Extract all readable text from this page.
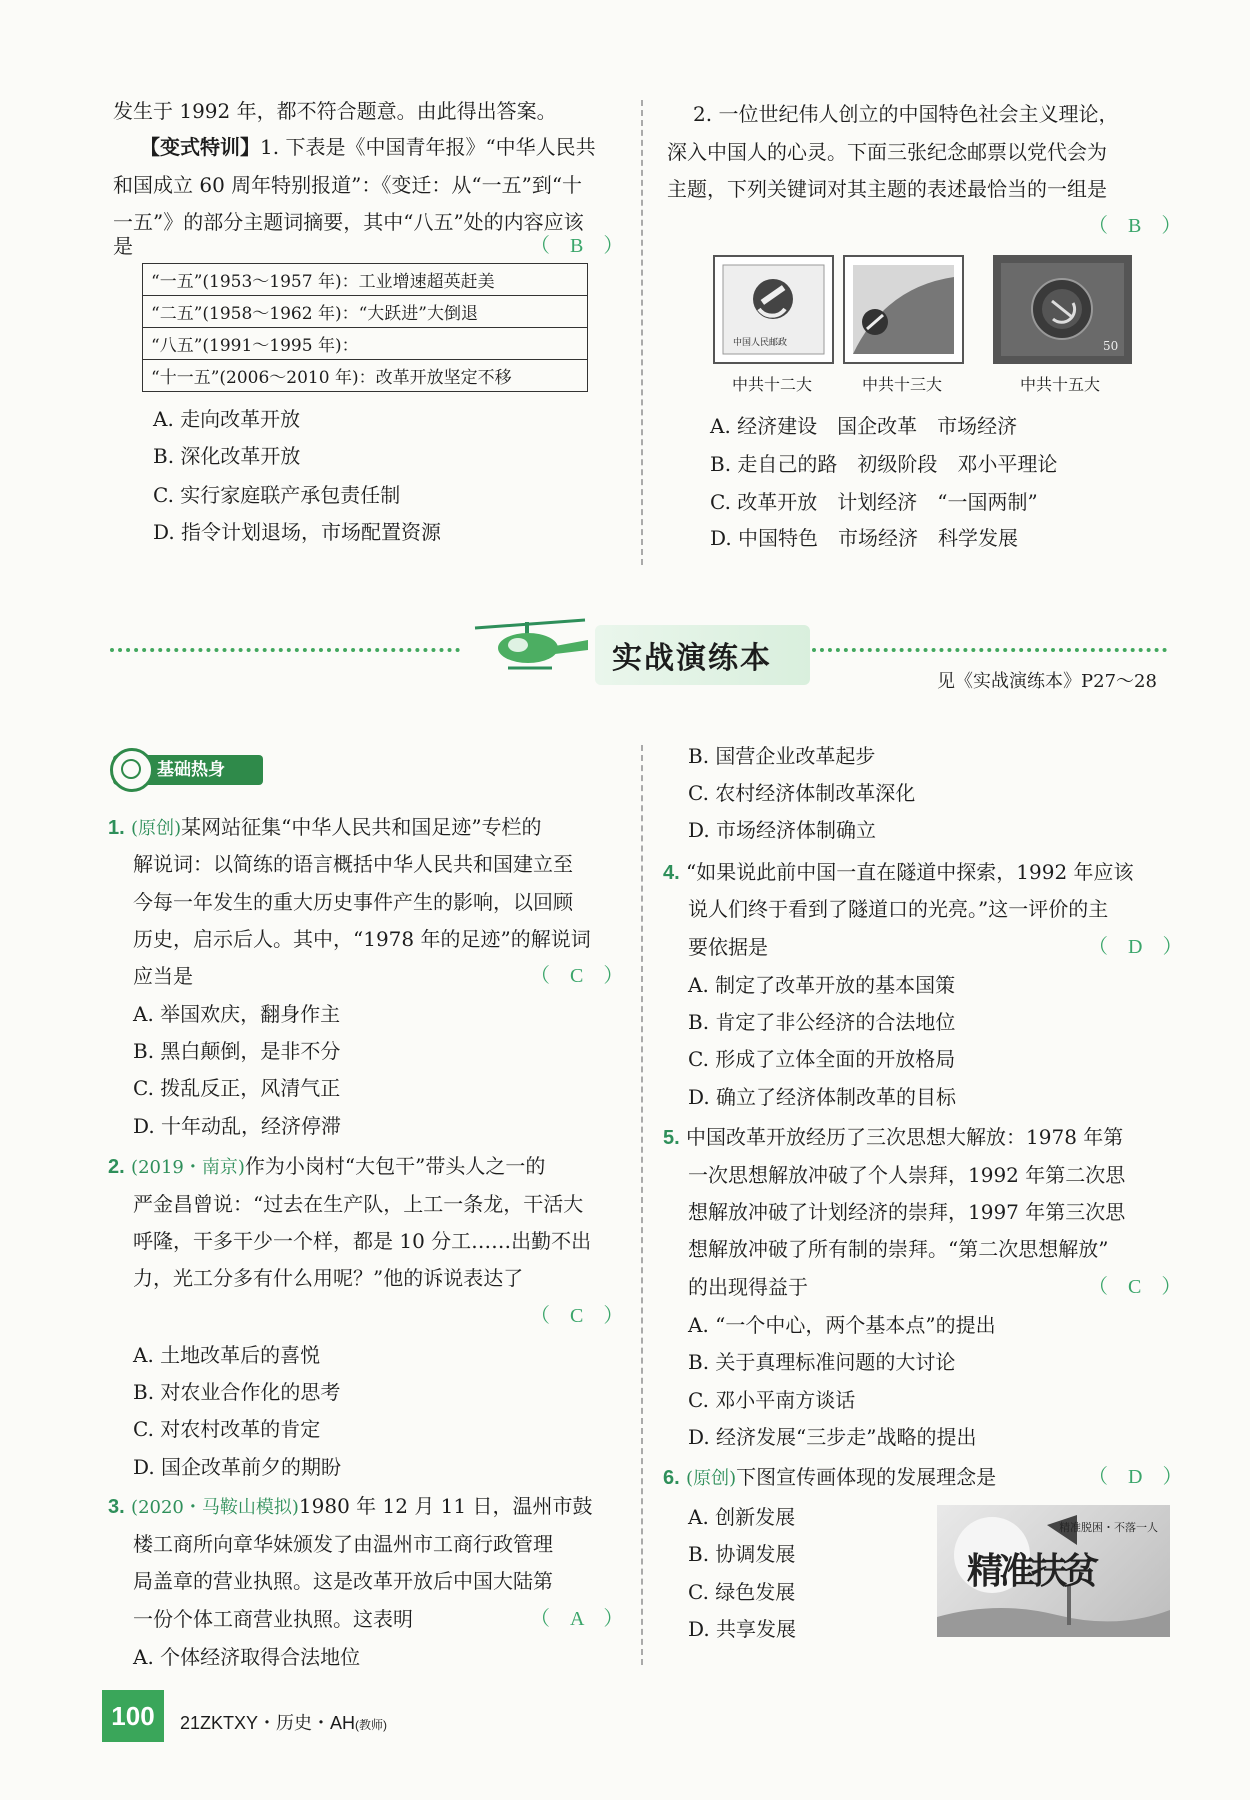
发生于 1992 年，都不符合题意。由此得出答案。
【变式特训】1. 下表是《中国青年报》“中华人民共
和国成立 60 周年特别报道”：《变迁：从“一五”到“十
一五”》的部分主题词摘要，其中“八五”处的内容应该
是	（　B　）
“一五”(1953～1957 年)：工业增速超英赶美
“二五”(1958～1962 年)：“大跃进”大倒退
“八五”(1991～1995 年)：
“十一五”(2006～2010 年)：改革开放坚定不移
A. 走向改革开放
B. 深化改革开放
C. 实行家庭联产承包责任制
D. 指令计划退场，市场配置资源
2. 一位世纪伟人创立的中国特色社会主义理论，
深入中国人的心灵。下面三张纪念邮票以党代会为
主题，下列关键词对其主题的表述最恰当的一组是
（　B　）
中国人民邮政	50
中共十二大	中共十三大	中共十五大
A. 经济建设　国企改革　市场经济
B. 走自己的路　初级阶段　邓小平理论
C. 改革开放　计划经济　“一国两制”
D. 中国特色　市场经济　科学发展
实战演练本
见《实战演练本》P27～28
基础热身
1. (原创)某网站征集“中华人民共和国足迹”专栏的
解说词：以简练的语言概括中华人民共和国建立至
今每一年发生的重大历史事件产生的影响，以回顾
历史，启示后人。其中，“1978 年的足迹”的解说词
应当是	（　C　）
A. 举国欢庆，翻身作主
B. 黑白颠倒，是非不分
C. 拨乱反正，风清气正
D. 十年动乱，经济停滞
2. (2019・南京)作为小岗村“大包干”带头人之一的
严金昌曾说：“过去在生产队，上工一条龙，干活大
呼隆，干多干少一个样，都是 10 分工……出勤不出
力，光工分多有什么用呢？”他的诉说表达了
（　C　）
A. 土地改革后的喜悦
B. 对农业合作化的思考
C. 对农村改革的肯定
D. 国企改革前夕的期盼
3. (2020・马鞍山模拟)1980 年 12 月 11 日，温州市鼓
楼工商所向章华妹颁发了由温州市工商行政管理
局盖章的营业执照。这是改革开放后中国大陆第
一份个体工商营业执照。这表明	（　A　）
A. 个体经济取得合法地位
B. 国营企业改革起步
C. 农村经济体制改革深化
D. 市场经济体制确立
4. “如果说此前中国一直在隧道中探索，1992 年应该
说人们终于看到了隧道口的光亮。”这一评价的主
要依据是	（　D　）
A. 制定了改革开放的基本国策
B. 肯定了非公经济的合法地位
C. 形成了立体全面的开放格局
D. 确立了经济体制改革的目标
5. 中国改革开放经历了三次思想大解放：1978 年第
一次思想解放冲破了个人崇拜，1992 年第二次思
想解放冲破了计划经济的崇拜，1997 年第三次思
想解放冲破了所有制的崇拜。“第二次思想解放”
的出现得益于	（　C　）
A. “一个中心，两个基本点”的提出
B. 关于真理标准问题的大讨论
C. 邓小平南方谈话
D. 经济发展“三步走”战略的提出
6. (原创)下图宣传画体现的发展理念是	（　D　）
A. 创新发展
B. 协调发展
C. 绿色发展
D. 共享发展
精准扶贫
精准脱困・不落一人
100	21ZKTXY・历史・AH(教师)
